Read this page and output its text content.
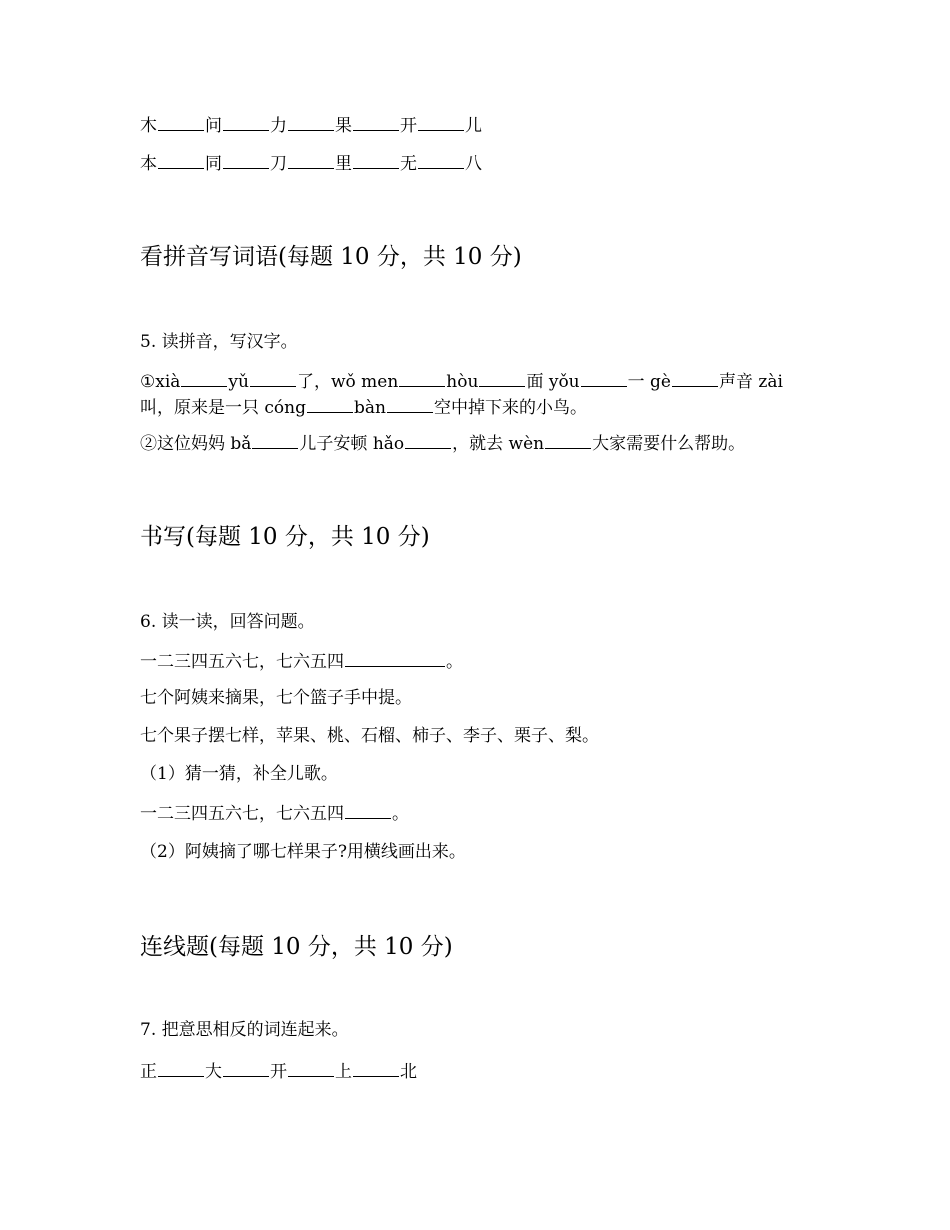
木	问	力	果	开	儿
本	同	刀	里	无	八
看拼音写词语(每题 10 分，共 10 分)
5. 读拼音，写汉字。
①xià	yǔ	了，wǒ men	hòu	面 yǒu	一 gè	声音 zài
叫，原来是一只 cóng	bàn	空中掉下来的小鸟。
②这位妈妈 bǎ	儿子安顿 hǎo	，就去 wèn	大家需要什么帮助。
书写(每题 10 分，共 10 分)
6. 读一读，回答问题。
一二三四五六七，七六五四	。
七个阿姨来摘果，七个篮子手中提。
七个果子摆七样，苹果、桃、石榴、柿子、李子、栗子、梨。
（1）猜一猜，补全儿歌。
一二三四五六七，七六五四	。
（2）阿姨摘了哪七样果子?用横线画出来。
连线题(每题 10 分，共 10 分)
7. 把意思相反的词连起来。
正	大	开	上	北
